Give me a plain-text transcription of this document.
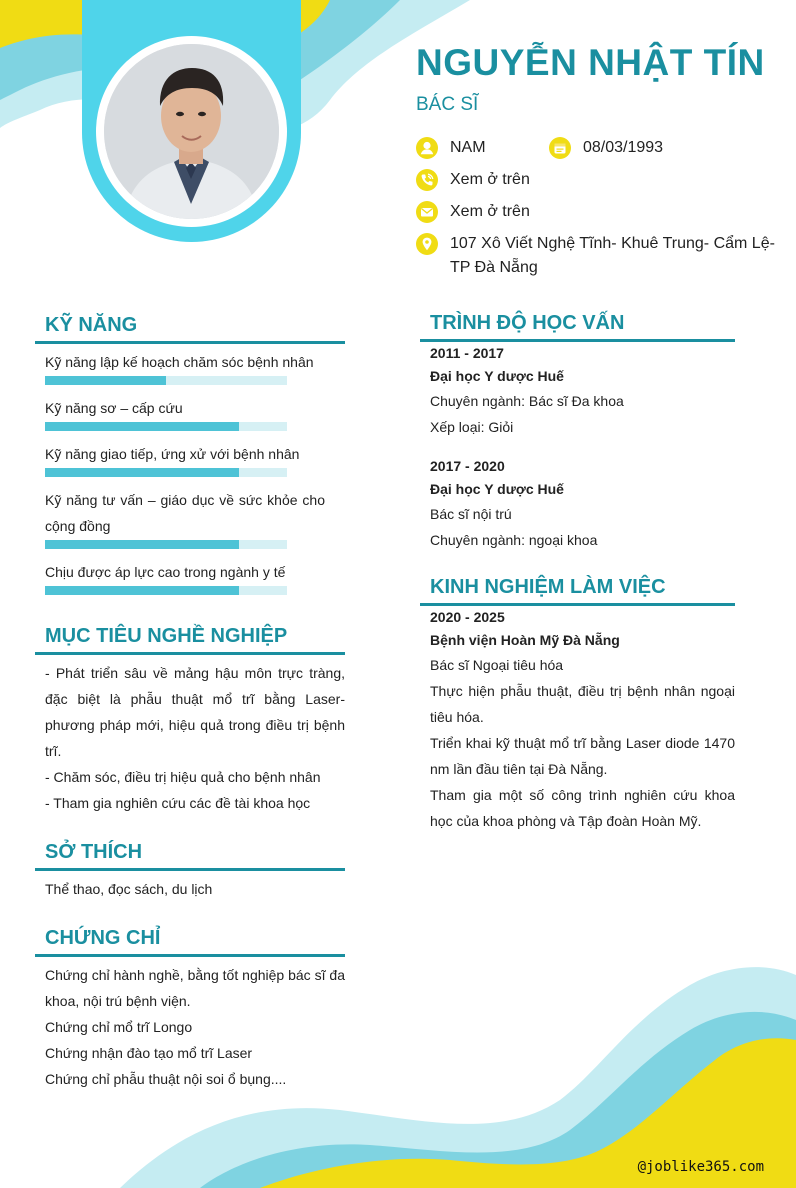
NGUYỄN NHẬT TÍN
BÁC SĨ
NAM	08/03/1993
Xem ở trên
Xem ở trên
107 Xô Viết Nghệ Tĩnh- Khuê Trung- Cẩm Lệ-
TP Đà Nẵng
KỸ NĂNG
Kỹ năng lập kế hoạch chăm sóc bệnh nhân
Kỹ năng sơ – cấp cứu
Kỹ năng giao tiếp, ứng xử với bệnh nhân
Kỹ năng tư vấn – giáo dục về sức khỏe cho
cộng đồng
Chịu được áp lực cao trong ngành y tế
MỤC TIÊU NGHỀ NGHIỆP

- Phát triển sâu về mảng hậu môn trực tràng, đặc biệt là phẫu thuật mổ trĩ bằng Laser-phương pháp mới, hiệu quả trong điều trị bệnh trĩ.

- Chăm sóc, điều trị hiệu quả cho bệnh nhân

- Tham gia nghiên cứu các đề tài khoa học

SỞ THÍCH
Thể thao, đọc sách, du lịch
CHỨNG CHỈ

Chứng chỉ hành nghề, bằng tốt nghiệp bác sĩ đa khoa, nội trú bệnh viện.

Chứng chỉ mổ trĩ Longo

Chứng nhận đào tạo mổ trĩ Laser

Chứng chỉ phẫu thuật nội soi ổ bụng....

TRÌNH ĐỘ HỌC VẤN
2011 - 2017
Đại học Y dược Huế
Chuyên ngành: Bác sĩ Đa khoa
Xếp loại: Giỏi
2017 - 2020
Đại học Y dược Huế
Bác sĩ nội trú
Chuyên ngành: ngoại khoa
KINH NGHIỆM LÀM VIỆC
2020 - 2025
Bệnh viện Hoàn Mỹ Đà Nẵng
Bác sĩ Ngoại tiêu hóa
Thực hiện phẫu thuật, điều trị bệnh nhân ngoại tiêu hóa.
Triển khai kỹ thuật mổ trĩ bằng Laser diode 1470 nm lần đầu tiên tại Đà Nẵng.
Tham gia một số công trình nghiên cứu khoa học của khoa phòng và Tập đoàn Hoàn Mỹ.
@joblike365.com
